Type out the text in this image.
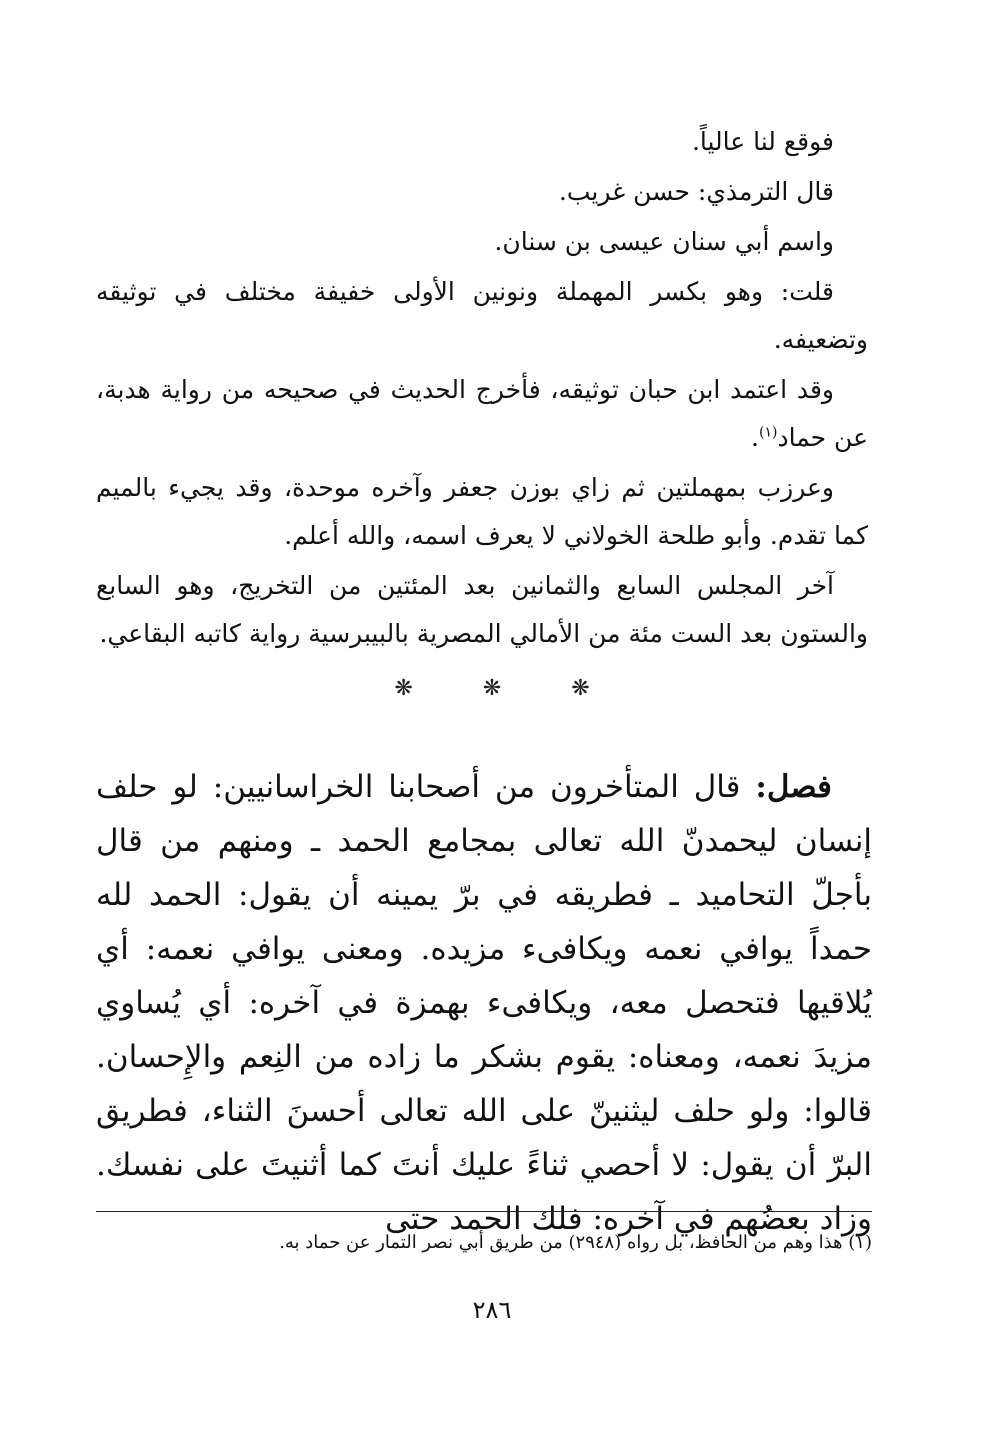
فوقع لنا عالياً.

قال الترمذي: حسن غريب.

واسم أبي سنان عيسى بن سنان.

قلت: وهو بكسر المهملة ونونين الأولى خفيفة مختلف في توثيقه وتضعيفه.

وقد اعتمد ابن حبان توثيقه، فأخرج الحديث في صحيحه من رواية هدبة، عن حماد$^{(١)}$.

وعرزب بمهملتين ثم زاي بوزن جعفر وآخره موحدة، وقد يجيء بالميم كما تقدم. وأبو طلحة الخولاني لا يعرف اسمه، والله أعلم.

آخر المجلس السابع والثمانين بعد المئتين من التخريج، وهو السابع والستون بعد الست مئة من الأمالي المصرية بالبيبرسية رواية كاتبه البقاعي.

❋	❋	❋

فصل: قال المتأخرون من أصحابنا الخراسانيين: لو حلف إنسان ليحمدنّ الله تعالى بمجامع الحمد ـ ومنهم من قال بأجلّ التحاميد ـ فطريقه في برّ يمينه أن يقول: الحمد لله حمداً يوافي نعمه ويكافىء مزيده. ومعنى يوافي نعمه: أي يُلاقيها فتحصل معه، ويكافىء بهمزة في آخره: أي يُساوي مزيدَ نعمه، ومعناه: يقوم بشكر ما زاده من النِعم والإِحسان. قالوا: ولو حلف ليثنينّ على الله تعالى أحسنَ الثناء، فطريق البرّ أن يقول: لا أحصي ثناءً عليك أنتَ كما أثنيتَ على نفسك. وزاد بعضُهم في آخره: فلك الحمد حتى

(١) هذا وهم من الحافظ، بل رواه (٢٩٤٨) من طريق أبي نصر التمار عن حماد به.
٢٨٦
